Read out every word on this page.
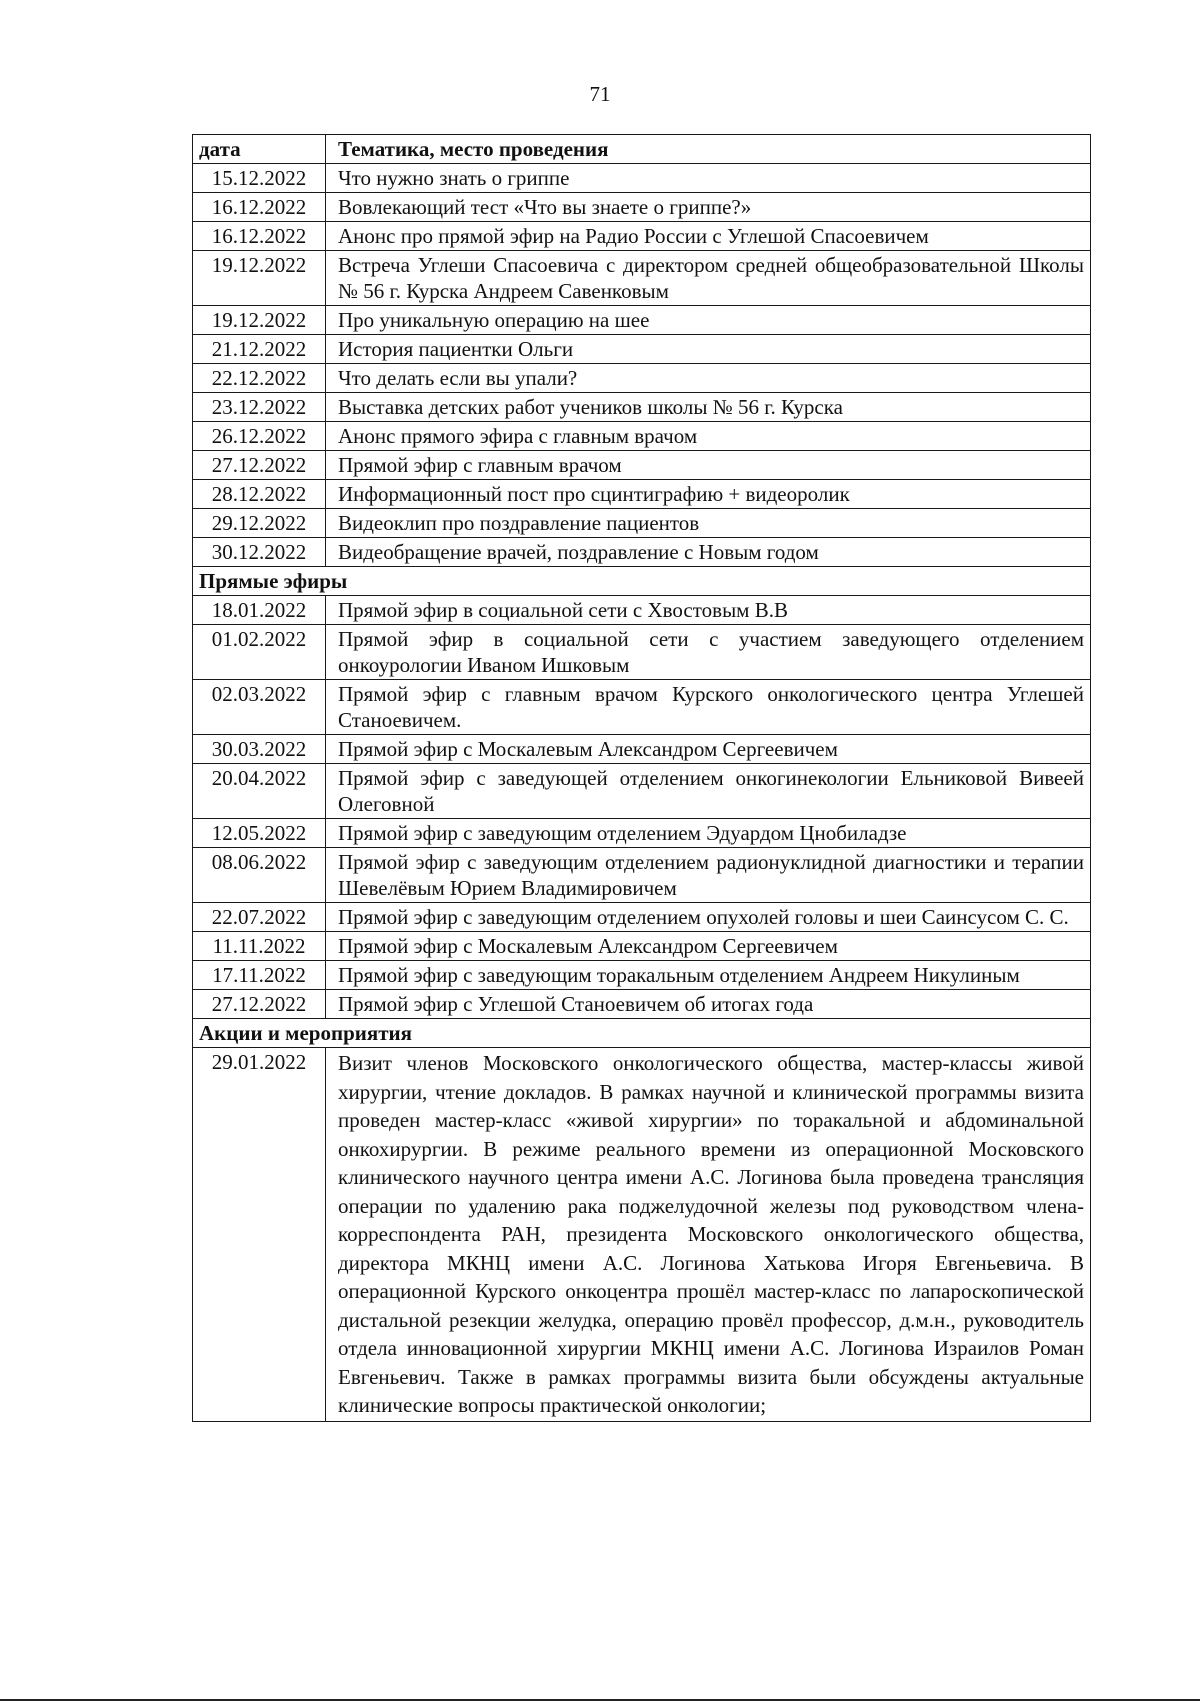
71
дата	Тематика, место проведения
15.12.2022	Что нужно знать о гриппе
16.12.2022	Вовлекающий тест «Что вы знаете о гриппе?»
16.12.2022	Анонс про прямой эфир на Радио России с Углешой Спасоевичем
19.12.2022	Встреча Углеши Спасоевича с директором средней общеобразовательной Школы № 56 г. Курска Андреем Савенковым
19.12.2022	Про уникальную операцию на шее
21.12.2022	История пациентки Ольги
22.12.2022	Что делать если вы упали?
23.12.2022	Выставка детских работ учеников школы № 56 г. Курска
26.12.2022	Анонс прямого эфира с главным врачом
27.12.2022	Прямой эфир с главным врачом
28.12.2022	Информационный пост про сцинтиграфию + видеоролик
29.12.2022	Видеоклип про поздравление пациентов
30.12.2022	Видеобращение врачей, поздравление с Новым годом
Прямые эфиры	
18.01.2022	Прямой эфир в социальной сети с Хвостовым В.В
01.02.2022	Прямой эфир в социальной сети с участием заведующего отделением онкоурологии Иваном Ишковым
02.03.2022	Прямой эфир с главным врачом Курского онкологического центра Углешей Станоевичем.
30.03.2022	Прямой эфир с Москалевым Александром Сергеевичем
20.04.2022	Прямой эфир с заведующей отделением онкогинекологии Ельниковой Вивеей Олеговной
12.05.2022	Прямой эфир с заведующим отделением Эдуардом Цнобиладзе
08.06.2022	Прямой эфир с заведующим отделением радионуклидной диагностики и терапии Шевелёвым Юрием Владимировичем
22.07.2022	Прямой эфир с заведующим отделением опухолей головы и шеи Саинсусом С. С.
11.11.2022	Прямой эфир с Москалевым Александром Сергеевичем
17.11.2022	Прямой эфир с заведующим торакальным отделением Андреем Никулиным
27.12.2022	Прямой эфир с Углешой Станоевичем об итогах года
Акции и мероприятия	
29.01.2022	Визит членов Московского онкологического общества, мастер-классы живой хирургии, чтение докладов. В рамках научной и клинической программы визита проведен мастер-класс «живой хирургии» по торакальной и абдоминальной онкохирургии. В режиме реального времени из операционной Московского клинического научного центра имени А.С. Логинова была проведена трансляция операции по удалению рака поджелудочной железы под руководством члена-корреспондента РАН, президента Московского онкологического общества, директора МКНЦ имени А.С. Логинова Хатькова Игоря Евгеньевича. В операционной Курского онкоцентра прошёл мастер-класс по лапароскопической дистальной резекции желудка, операцию провёл профессор, д.м.н., руководитель отдела инновационной хирургии МКНЦ имени А.С. Логинова Израилов Роман Евгеньевич. Также в рамках программы визита были обсуждены актуальные клинические вопросы практической онкологии;
